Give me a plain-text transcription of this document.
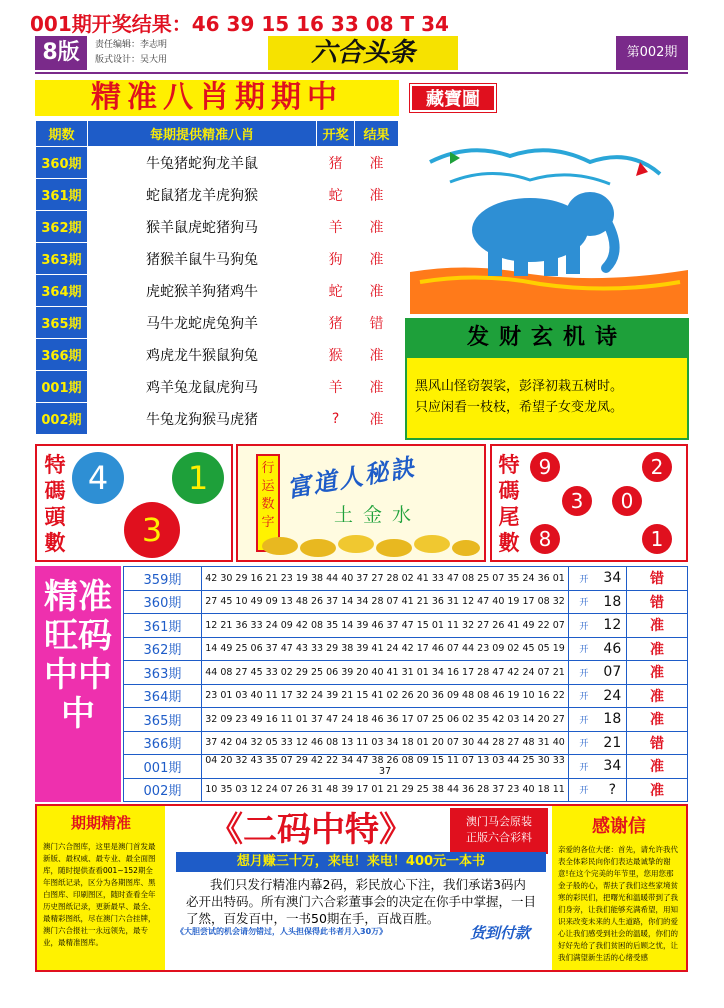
001期开奖结果：46 39 15 16 33 08 T 34
8版	责任编辑：李志明
版式设计：吴大用	六合头条	第002期
精准八肖期期中	藏寶圖
期数	每期提供精准八肖	开奖	结果
360期	牛兔猪蛇狗龙羊鼠	猪	准
361期	蛇鼠猪龙羊虎狗猴	蛇	准
362期	猴羊鼠虎蛇猪狗马	羊	准
363期	猪猴羊鼠牛马狗兔	狗	准
364期	虎蛇猴羊狗猪鸡牛	蛇	准
365期	马牛龙蛇虎兔狗羊	猪	错
366期	鸡虎龙牛猴鼠狗兔	猴	准
001期	鸡羊兔龙鼠虎狗马	羊	准
002期	牛兔龙狗猴马虎猪	?	准
发财玄机诗
黑风山怪窃袈裟，彭泽初栽五树时。
只应闲看一枝枝，希望子女变龙凤。
特碼頭數
4	1
3
行运数字
富道人秘訣
土金水
特碼尾數
9	2
3	0
8	1
精准旺码中中中
359期	42 30 29 16 21 23 19 38 44 40 37 27 28 02 41 33 47 08 25 07 35 24 36 01	开	34	错
360期	27 45 10 49 09 13 48 26 37 14 34 28 07 41 21 36 31 12 47 40 19 17 08 32	开	18	错
361期	12 21 36 33 24 09 42 08 35 14 39 46 37 47 15 01 11 32 27 26 41 49 22 07	开	12	准
362期	14 49 25 06 37 47 43 33 29 38 39 41 24 42 17 46 07 44 23 09 02 45 05 19	开	46	准
363期	44 08 27 45 33 02 29 25 06 39 20 40 41 31 01 34 16 17 28 47 42 24 07 21	开	07	准
364期	23 01 03 40 11 17 32 24 39 21 15 41 02 26 20 36 09 48 08 46 19 10 16 22	开	24	准
365期	32 09 23 49 16 11 01 37 47 24 18 46 36 17 07 25 06 02 35 42 03 14 20 27	开	18	准
366期	37 42 04 32 05 33 12 46 08 13 11 03 34 18 01 20 07 30 44 28 27 48 31 40	开	21	错
001期	04 20 32 43 35 07 29 42 22 34 47 38 26 08 09 15 11 07 13 03 44 25 30 33 37	开	34	准
002期	10 35 03 12 24 07 26 31 48 39 17 01 21 29 25 38 44 36 28 37 23 40 18 11	开	?	准
期期精准
澳门六合图库，这里是澳门首发最新版、最权威、最专业、最全面图库，随时提供查看001~152期全年图纸记录，区分为各期图库、黑白图库、印刷图区，随时查看全年历史图纸记录，更新最早、最全、最精彩图纸，尽在澳门六合挂牌，澳门六合报社一永远领先，最专业，最精准图库。
《二码中特》	澳门马会原装
正版六合彩料
想月赚三十万，来电！来电！400元一本书
我们只发行精准内幕2码，彩民放心下注，我们承诺3码内必开出特码。所有澳门六合彩董事会的决定在你手中掌握，一目了然，百发百中，一书50期在手，百战百胜。
《大胆尝试的机会请勿错过，人头担保得此书者月入30万》	货到付款
感谢信
亲爱的各位大佬：首先，请允许我代表全体彩民向你们表达最诚挚的谢意!在这个完美的年节里，您用您那金子般的心，帮扶了我们这些家境贫寒的彩民们，把曙光和温暖带到了我们身旁，让我们能够充满希望，用知识来改变未来的人生道路，你们的爱心让我们感受到社会的温暖，你们的好好先给了我们贫困的后顾之忧，让我们满望新生活的心绪受感
